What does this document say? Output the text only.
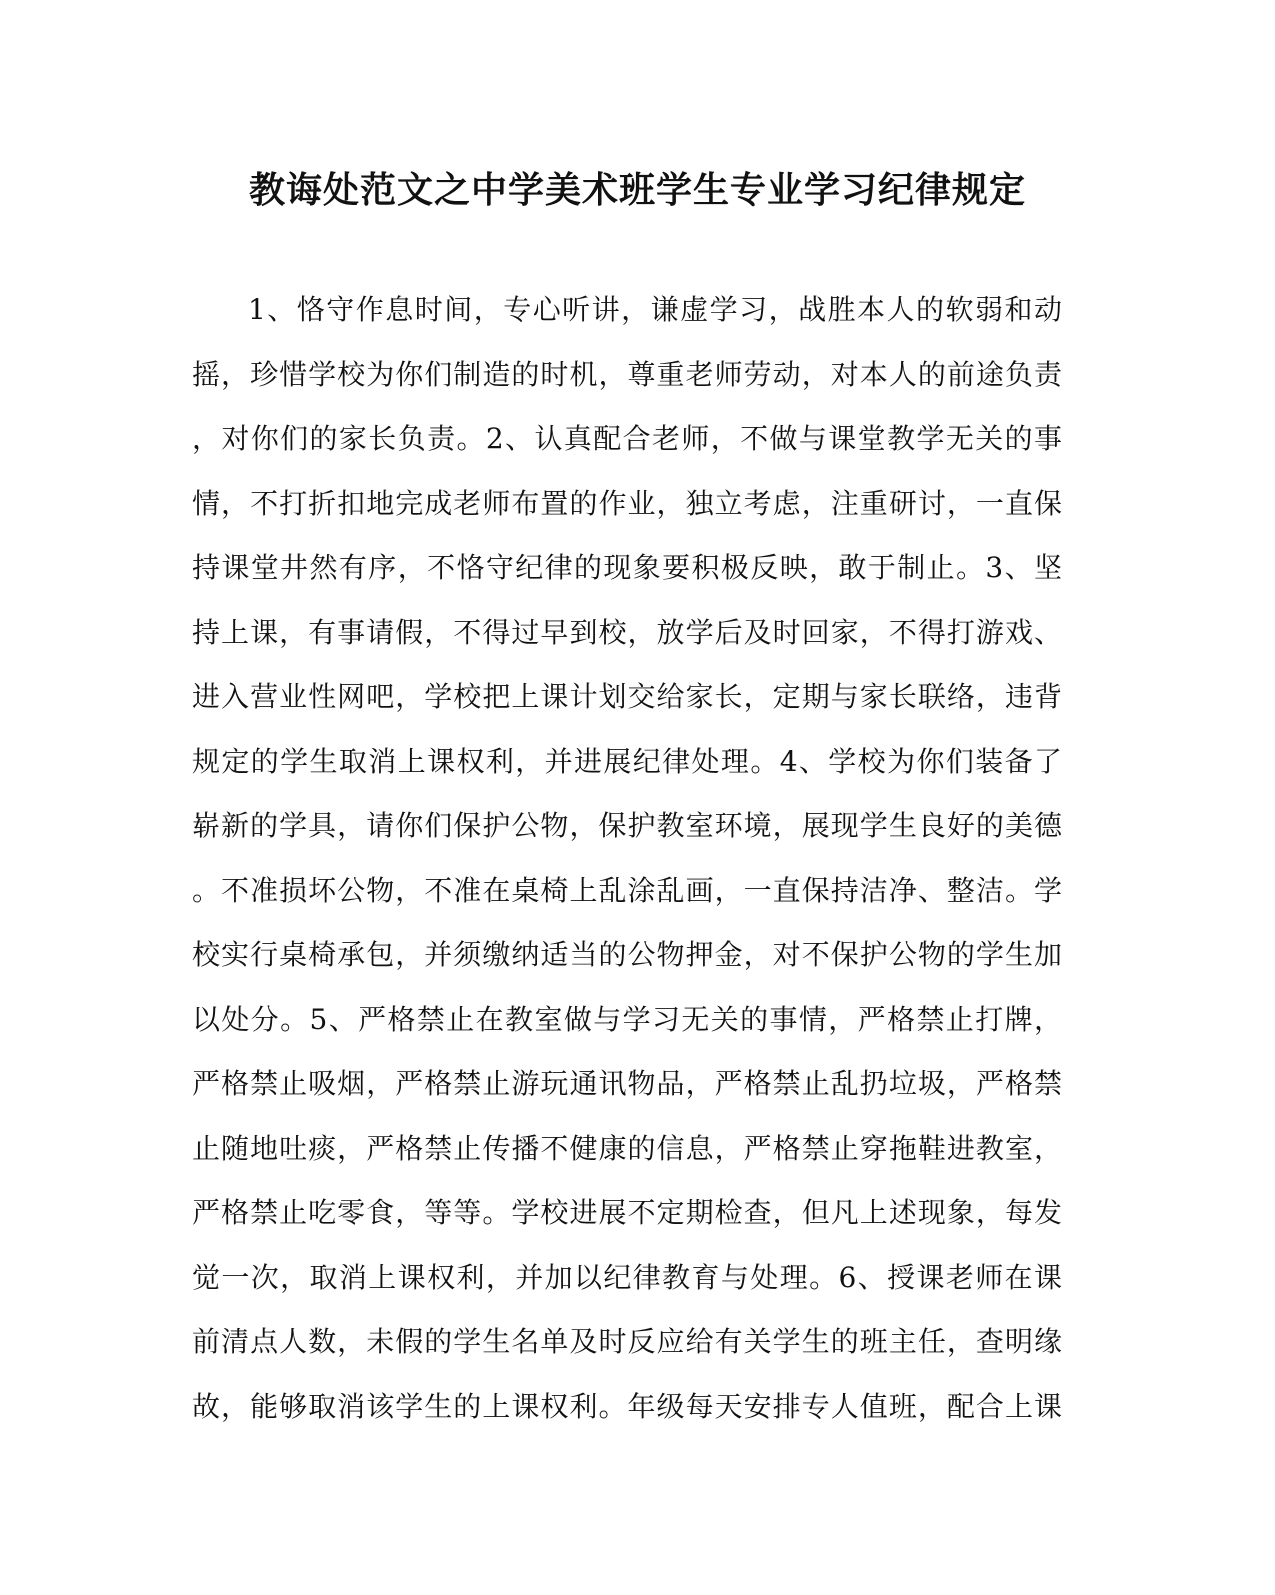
教诲处范文之中学美术班学生专业学习纪律规定
1、恪守作息时间，专心听讲，谦虚学习，战胜本人的软弱和动
摇，珍惜学校为你们制造的时机，尊重老师劳动，对本人的前途负责
，对你们的家长负责。2、认真配合老师，不做与课堂教学无关的事
情，不打折扣地完成老师布置的作业，独立考虑，注重研讨，一直保
持课堂井然有序，不恪守纪律的现象要积极反映，敢于制止。3、坚
持上课，有事请假，不得过早到校，放学后及时回家，不得打游戏、
进入营业性网吧，学校把上课计划交给家长，定期与家长联络，违背
规定的学生取消上课权利，并进展纪律处理。4、学校为你们装备了
崭新的学具，请你们保护公物，保护教室环境，展现学生良好的美德
。不准损坏公物，不准在桌椅上乱涂乱画，一直保持洁净、整洁。学
校实行桌椅承包，并须缴纳适当的公物押金，对不保护公物的学生加
以处分。5、严格禁止在教室做与学习无关的事情，严格禁止打牌，
严格禁止吸烟，严格禁止游玩通讯物品，严格禁止乱扔垃圾，严格禁
止随地吐痰，严格禁止传播不健康的信息，严格禁止穿拖鞋进教室，
严格禁止吃零食，等等。学校进展不定期检查，但凡上述现象，每发
觉一次，取消上课权利，并加以纪律教育与处理。6、授课老师在课
前清点人数，未假的学生名单及时反应给有关学生的班主任，查明缘
故，能够取消该学生的上课权利。年级每天安排专人值班，配合上课
